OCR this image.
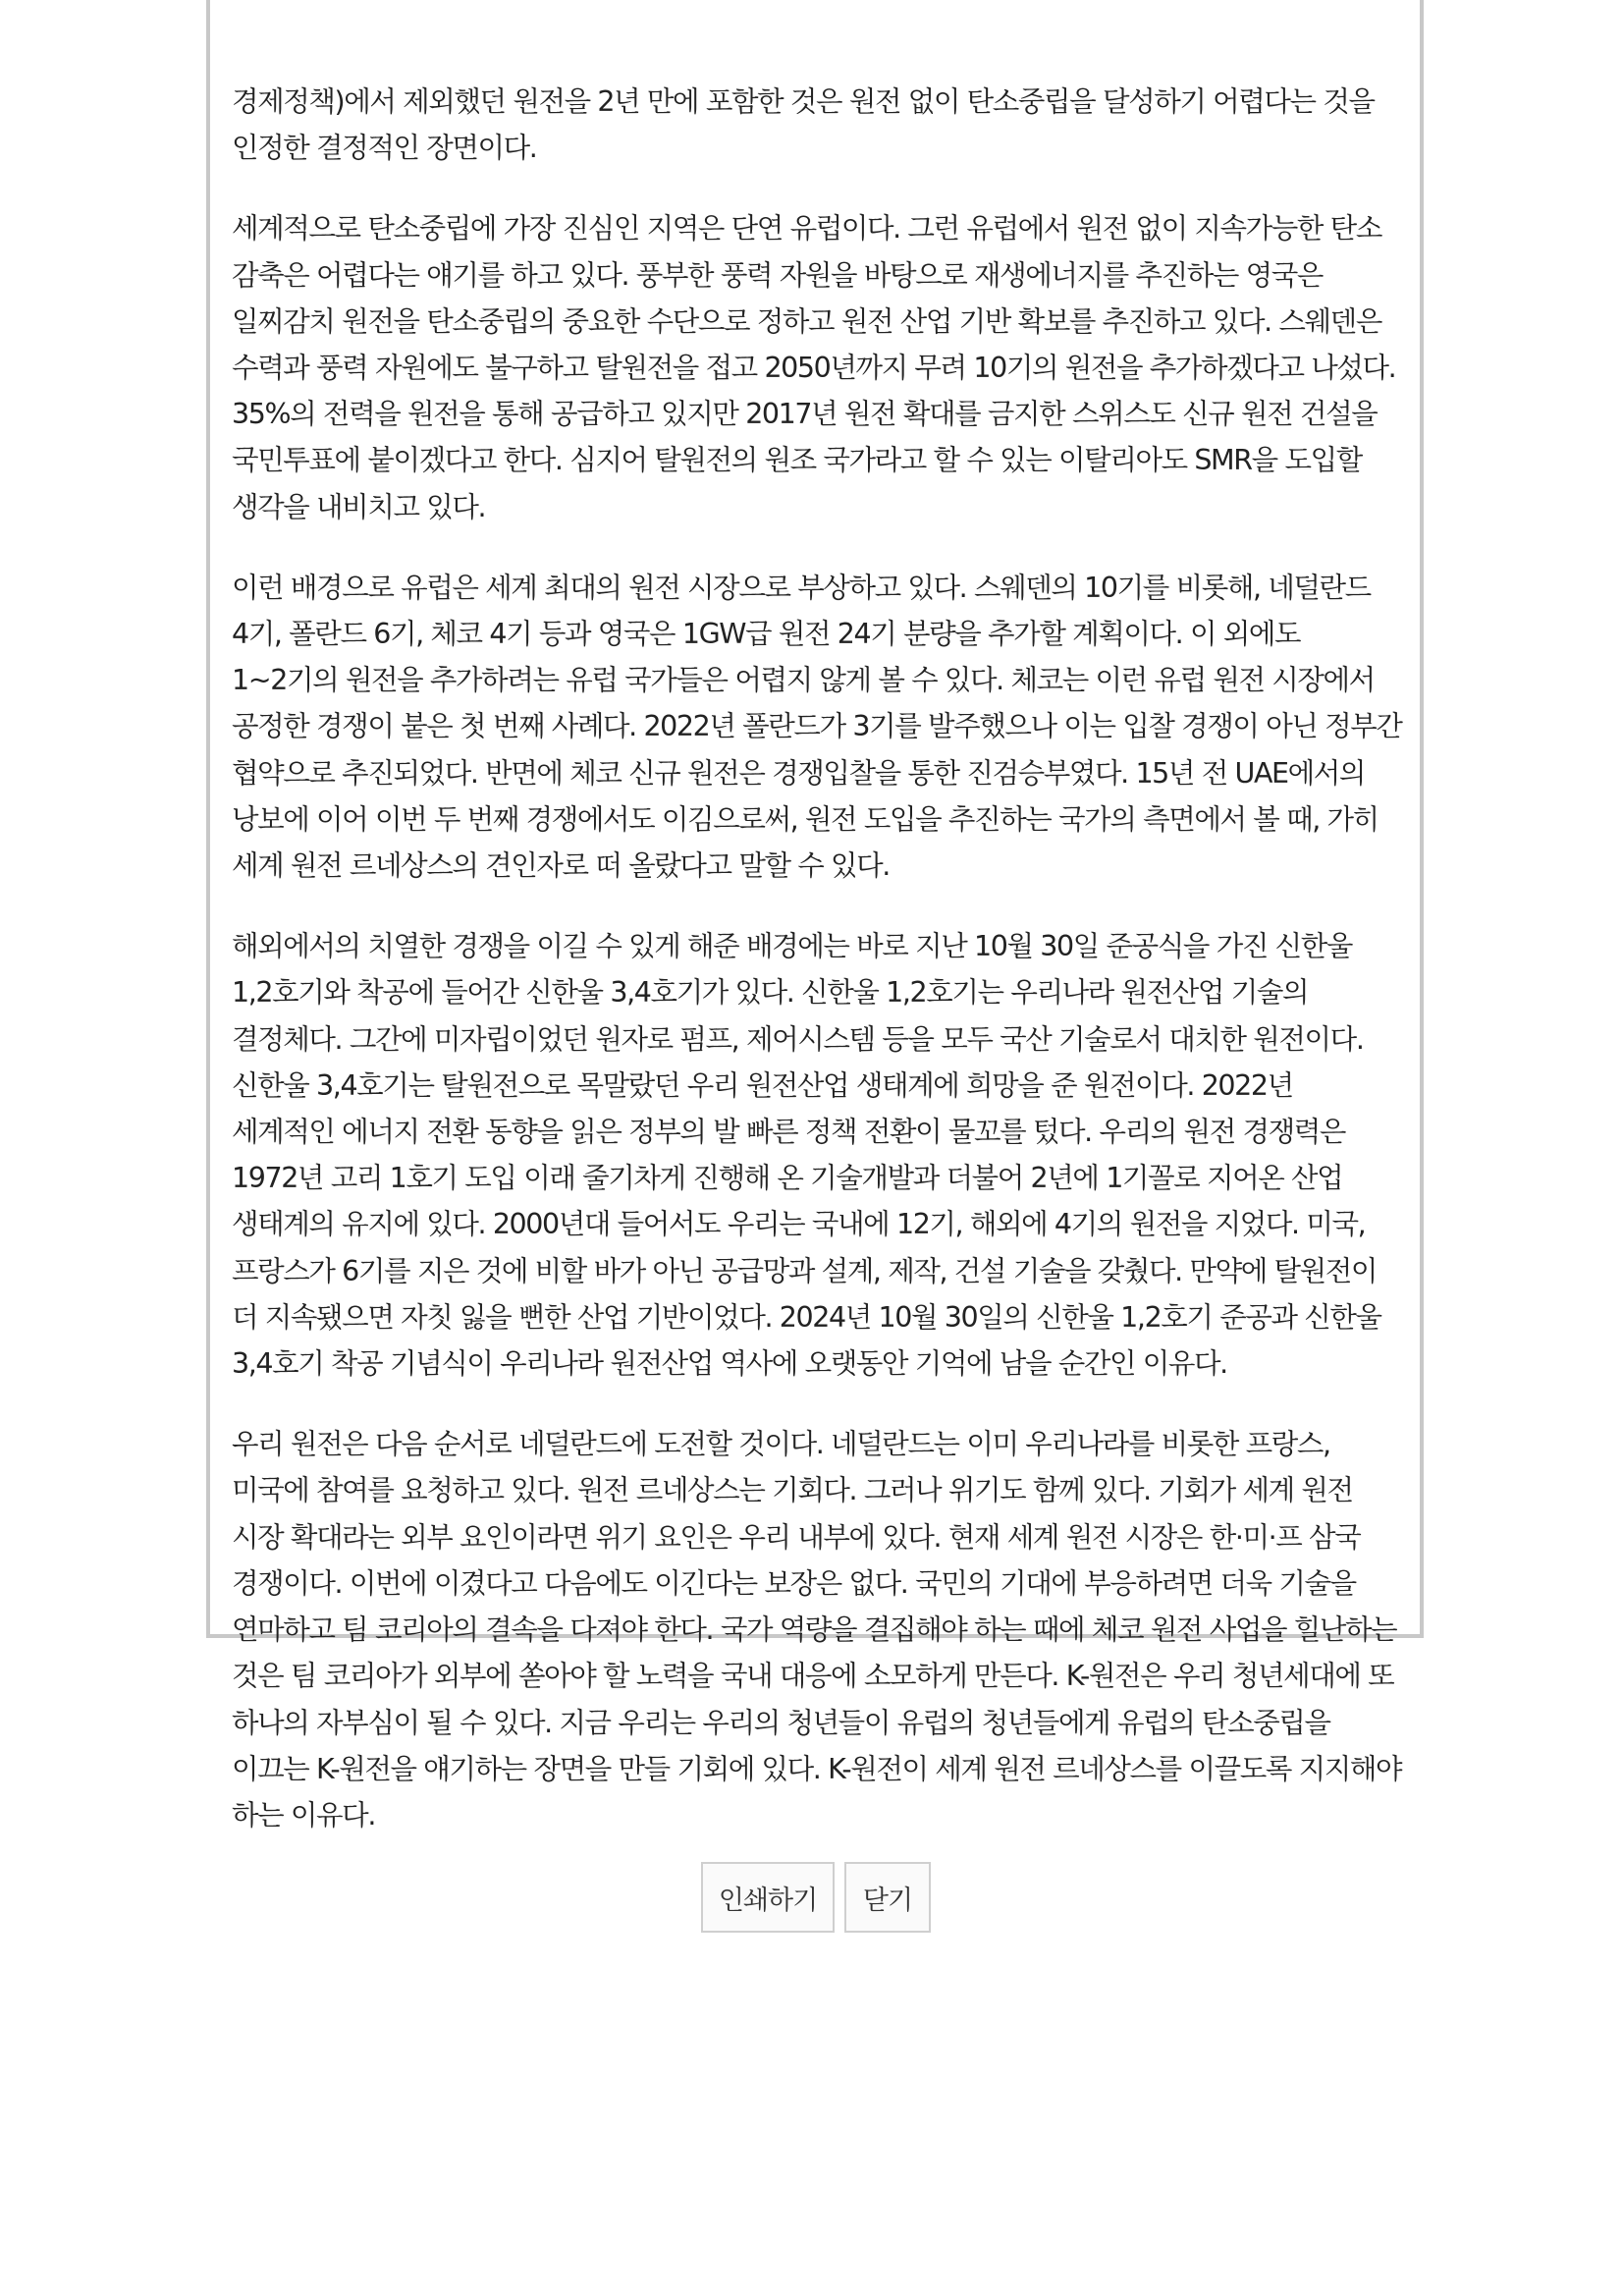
경제정책)에서 제외했던 원전을 2년 만에 포함한 것은 원전 없이 탄소중립을 달성하기 어렵다는 것을 인정한 결정적인 장면이다.

세계적으로 탄소중립에 가장 진심인 지역은 단연 유럽이다. 그런 유럽에서 원전 없이 지속가능한 탄소 감축은 어렵다는 얘기를 하고 있다. 풍부한 풍력 자원을 바탕으로 재생에너지를 추진하는 영국은 일찌감치 원전을 탄소중립의 중요한 수단으로 정하고 원전 산업 기반 확보를 추진하고 있다. 스웨덴은 수력과 풍력 자원에도 불구하고 탈원전을 접고 2050년까지 무려 10기의 원전을 추가하겠다고 나섰다. 35%의 전력을 원전을 통해 공급하고 있지만 2017년 원전 확대를 금지한 스위스도 신규 원전 건설을 국민투표에 붙이겠다고 한다. 심지어 탈원전의 원조 국가라고 할 수 있는 이탈리아도 SMR을 도입할 생각을 내비치고 있다.

이런 배경으로 유럽은 세계 최대의 원전 시장으로 부상하고 있다. 스웨덴의 10기를 비롯해, 네덜란드 4기, 폴란드 6기, 체코 4기 등과 영국은 1GW급 원전 24기 분량을 추가할 계획이다. 이 외에도 1~2기의 원전을 추가하려는 유럽 국가들은 어렵지 않게 볼 수 있다. 체코는 이런 유럽 원전 시장에서 공정한 경쟁이 붙은 첫 번째 사례다. 2022년 폴란드가 3기를 발주했으나 이는 입찰 경쟁이 아닌 정부간 협약으로 추진되었다. 반면에 체코 신규 원전은 경쟁입찰을 통한 진검승부였다. 15년 전 UAE에서의 낭보에 이어 이번 두 번째 경쟁에서도 이김으로써, 원전 도입을 추진하는 국가의 측면에서 볼 때, 가히 세계 원전 르네상스의 견인자로 떠 올랐다고 말할 수 있다.

해외에서의 치열한 경쟁을 이길 수 있게 해준 배경에는 바로 지난 10월 30일 준공식을 가진 신한울 1,2호기와 착공에 들어간 신한울 3,4호기가 있다. 신한울 1,2호기는 우리나라 원전산업 기술의 결정체다. 그간에 미자립이었던 원자로 펌프, 제어시스템 등을 모두 국산 기술로서 대치한 원전이다. 신한울 3,4호기는 탈원전으로 목말랐던 우리 원전산업 생태계에 희망을 준 원전이다. 2022년 세계적인 에너지 전환 동향을 읽은 정부의 발 빠른 정책 전환이 물꼬를 텄다. 우리의 원전 경쟁력은 1972년 고리 1호기 도입 이래 줄기차게 진행해 온 기술개발과 더불어 2년에 1기꼴로 지어온 산업 생태계의 유지에 있다. 2000년대 들어서도 우리는 국내에 12기, 해외에 4기의 원전을 지었다. 미국, 프랑스가 6기를 지은 것에 비할 바가 아닌 공급망과 설계, 제작, 건설 기술을 갖췄다. 만약에 탈원전이 더 지속됐으면 자칫 잃을 뻔한 산업 기반이었다. 2024년 10월 30일의 신한울 1,2호기 준공과 신한울 3,4호기 착공 기념식이 우리나라 원전산업 역사에 오랫동안 기억에 남을 순간인 이유다.

우리 원전은 다음 순서로 네덜란드에 도전할 것이다. 네덜란드는 이미 우리나라를 비롯한 프랑스, 미국에 참여를 요청하고 있다. 원전 르네상스는 기회다. 그러나 위기도 함께 있다. 기회가 세계 원전 시장 확대라는 외부 요인이라면 위기 요인은 우리 내부에 있다. 현재 세계 원전 시장은 한·미·프 삼국 경쟁이다. 이번에 이겼다고 다음에도 이긴다는 보장은 없다. 국민의 기대에 부응하려면 더욱 기술을 연마하고 팀 코리아의 결속을 다져야 한다. 국가 역량을 결집해야 하는 때에 체코 원전 사업을 힐난하는 것은 팀 코리아가 외부에 쏟아야 할 노력을 국내 대응에 소모하게 만든다. K-원전은 우리 청년세대에 또 하나의 자부심이 될 수 있다. 지금 우리는 우리의 청년들이 유럽의 청년들에게 유럽의 탄소중립을 이끄는 K-원전을 얘기하는 장면을 만들 기회에 있다. K-원전이 세계 원전 르네상스를 이끌도록 지지해야 하는 이유다.

인쇄하기	닫기
